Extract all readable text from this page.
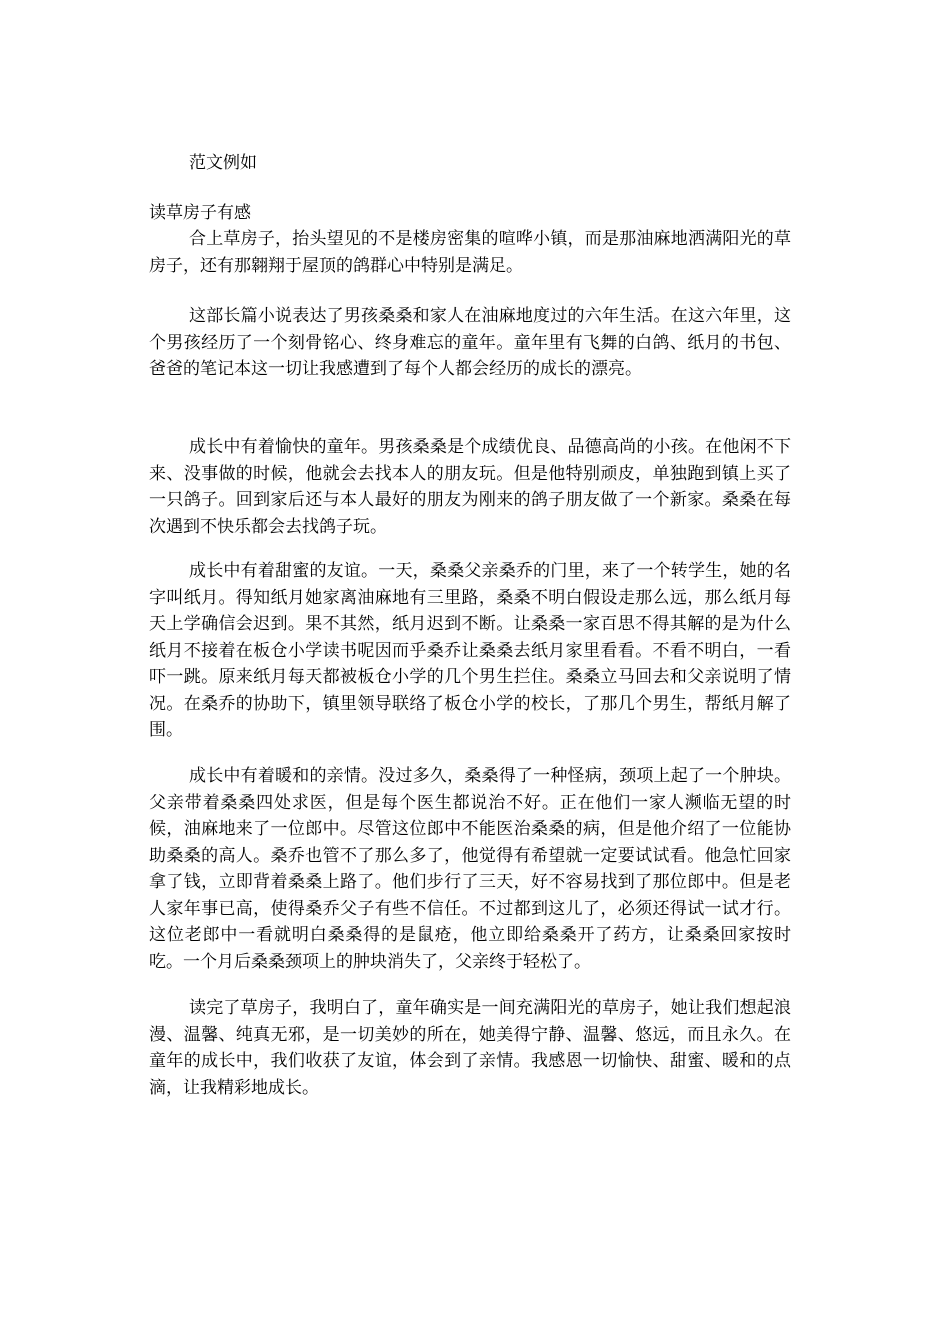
范文例如

读草房子有感

合上草房子，抬头望见的不是楼房密集的喧哗小镇，而是那油麻地洒满阳光的草房子，还有那翱翔于屋顶的鸽群心中特别是满足。

这部长篇小说表达了男孩桑桑和家人在油麻地度过的六年生活。在这六年里，这个男孩经历了一个刻骨铭心、终身难忘的童年。童年里有飞舞的白鸽、纸月的书包、爸爸的笔记本这一切让我感遭到了每个人都会经历的成长的漂亮。

成长中有着愉快的童年。男孩桑桑是个成绩优良、品德高尚的小孩。在他闲不下来、没事做的时候，他就会去找本人的朋友玩。但是他特别顽皮，单独跑到镇上买了一只鸽子。回到家后还与本人最好的朋友为刚来的鸽子朋友做了一个新家。桑桑在每次遇到不快乐都会去找鸽子玩。

成长中有着甜蜜的友谊。一天，桑桑父亲桑乔的门里，来了一个转学生，她的名字叫纸月。得知纸月她家离油麻地有三里路，桑桑不明白假设走那么远，那么纸月每天上学确信会迟到。果不其然，纸月迟到不断。让桑桑一家百思不得其解的是为什么纸月不接着在板仓小学读书呢因而乎桑乔让桑桑去纸月家里看看。不看不明白，一看吓一跳。原来纸月每天都被板仓小学的几个男生拦住。桑桑立马回去和父亲说明了情况。在桑乔的协助下，镇里领导联络了板仓小学的校长，了那几个男生，帮纸月解了围。

成长中有着暖和的亲情。没过多久，桑桑得了一种怪病，颈项上起了一个肿块。父亲带着桑桑四处求医，但是每个医生都说治不好。正在他们一家人濒临无望的时候，油麻地来了一位郎中。尽管这位郎中不能医治桑桑的病，但是他介绍了一位能协助桑桑的高人。桑乔也管不了那么多了，他觉得有希望就一定要试试看。他急忙回家拿了钱，立即背着桑桑上路了。他们步行了三天，好不容易找到了那位郎中。但是老人家年事已高，使得桑乔父子有些不信任。不过都到这儿了，必须还得试一试才行。这位老郎中一看就明白桑桑得的是鼠疮，他立即给桑桑开了药方，让桑桑回家按时吃。一个月后桑桑颈项上的肿块消失了，父亲终于轻松了。

读完了草房子，我明白了，童年确实是一间充满阳光的草房子，她让我们想起浪漫、温馨、纯真无邪，是一切美妙的所在，她美得宁静、温馨、悠远，而且永久。在童年的成长中，我们收获了友谊，体会到了亲情。我感恩一切愉快、甜蜜、暖和的点滴，让我精彩地成长。
